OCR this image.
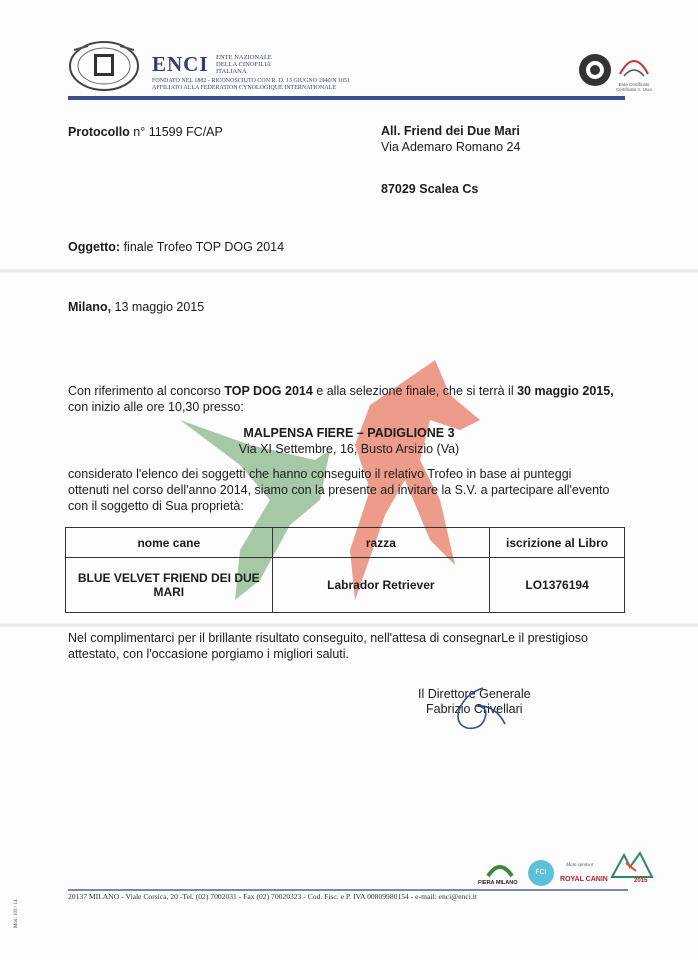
ENCI ENTE NAZIONALE
DELLA CINOFILIA
ITALIANA
FONDATO NEL 1882 - RICONOSCIUTO CON R. D. 13 GIUGNO 1940/N 1051
AFFILIATO ALLA FEDERATION CYNOLOGIQUE INTERNATIONALE
Ente Certificato
Certificato n. 16xx
Protocollo n° 11599 FC/AP	All. Friend dei Due Mari
Via Ademaro Romano 24
87029 Scalea Cs
Oggetto: finale Trofeo TOP DOG 2014
Milano, 13 maggio 2015
Con riferimento al concorso TOP DOG 2014 e alla selezione finale, che si terrà il 30 maggio 2015,
con inizio alle ore 10,30 presso:
MALPENSA FIERE – PADIGLIONE 3
Via XI Settembre, 16, Busto Arsizio (Va)
considerato l'elenco dei soggetti che hanno conseguito il relativo Trofeo in base ai punteggi
ottenuti nel corso dell'anno 2014, siamo con la presente ad invitare la S.V. a partecipare all'evento
con il soggetto di Sua proprietà:
nome cane	razza	iscrizione al Libro
BLUE VELVET FRIEND DEI DUE MARI	Labrador Retriever	LO1376194
Nel complimentarci per il brillante risultato conseguito, nell'attesa di consegnarLe il prestigioso
attestato, con l'occasione porgiamo i migliori saluti.
Il Direttore Generale
Fabrizio Crivellari
Mod. 109 / 14
20137 MILANO - Viale Corsica, 20 -Tel. (02) 7002031 - Fax (02) 70020323 - Cod. Fisc. e P. IVA 00809980154 - e-mail: enci@enci.it
FIERA MILANO
FCI
Main sponsor
ROYAL CANIN	2015
